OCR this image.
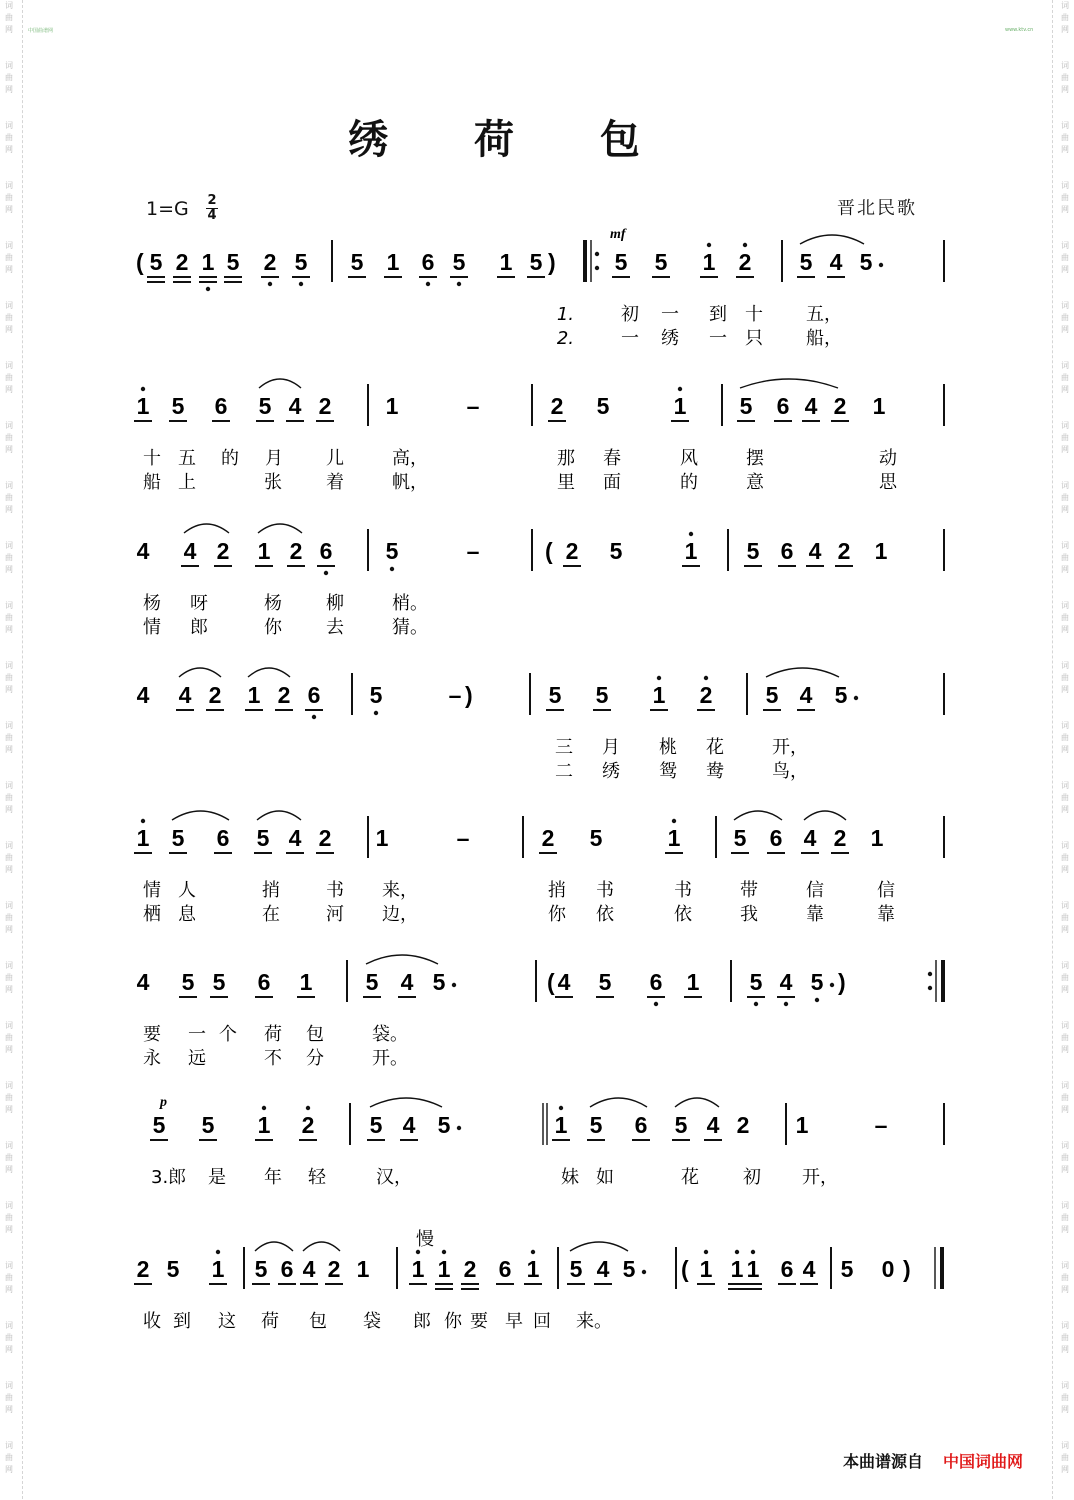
词
曲
网
词
曲
网
词
曲
网
词
曲
网
词
曲
网
词
曲
网
词
曲
网
词
曲
网
词
曲
网
词
曲
网
词
曲
网
词
曲
网
词
曲
网
词
曲
网
词
曲
网
词
曲
网
词
曲
网
词
曲
网
词
曲
网
词
曲
网
词
曲
网
词
曲
网
词
曲
网
词
曲
网
词
曲
网
词
曲
网
词
曲
网
词
曲
网
词
曲
网
词
曲
网
词
曲
网
词
曲
网
词
曲
网
词
曲
网
词
曲
网
词
曲
网
词
曲
网
词
曲
网
词
曲
网
词
曲
网
词
曲
网
词
曲
网
词
曲
网
词
曲
网
词
曲
网
词
曲
网
词
曲
网
词
曲
网
词
曲
网
词
曲
网
中国曲谱网	www.ktv.cn
绣 荷 包
1=G 2
4	晋北民歌
( 5 2 1 5 2 5 5 1 6 5 1 5 )	5 5 1 2 5 4 5
mf
1.	初 一 到 十 五，
2.	一 绣 一 只 船，
1 5 6 5 4 2 1	–	2 5	1 5 6 4 2 1
十 五 的 月 儿	高，	那 春	风	摆	动
船 上	张 着	帆，	里 面	的	意	思
4 4 2 1 2 6 5	–	( 2 5	1 5 6 4 2 1
杨 呀	杨 柳	梢。
情 郎	你 去	猜。
4 4 2 1 2 6 5	– )	5 5 1 2 5 4 5
三 月 桃 花	开，
二 绣 鸳 鸯	鸟，
1 5 6 5 4 2 1	–	2 5	1 5 6 4 2 1
情 人	捎	书 来，	捎 书	书	带	信	信
栖 息	在	河 边，	你 依	依	我	靠	靠
4 5 5 6 1 5 4 5	( 4 5 6 1 5 4 5 )
要 一 个 荷 包	袋。
永 远	不 分	开。
p
5 5 1 2 5 4 5	1 5 6 5 4 2 1	–
3.郎 是 年 轻	汉，	妹 如	花 初 开，
2 5 1 5 6 4 2 1
慢
1 1 2 6 1 5 4 5 ( 1 1 1 6 4 5 0 )
收 到 这 荷 包 袋 郎 你 要 早 回 来。
本曲谱源自 中国词曲网
